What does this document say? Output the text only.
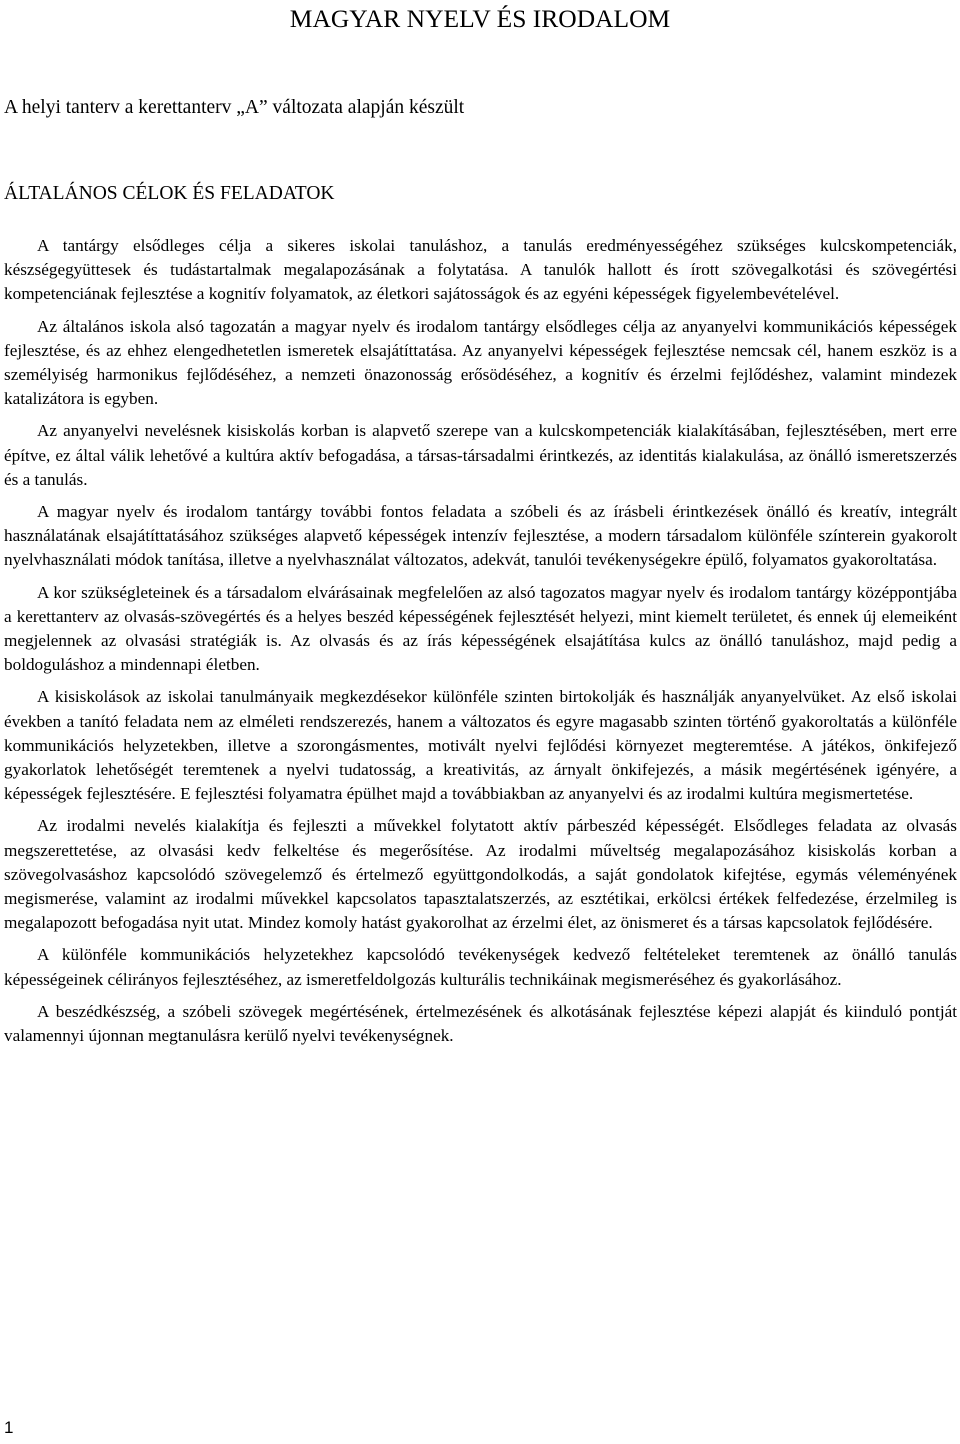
MAGYAR NYELV ÉS IRODALOM

A helyi tanterv a kerettanterv „A” változata alapján készült

ÁLTALÁNOS CÉLOK ÉS FELADATOK

A tantárgy elsődleges célja a sikeres iskolai tanuláshoz, a tanulás eredményességéhez szükséges kulcskompetenciák, készségegyüttesek és tudástartalmak megalapozásának a folytatása. A tanulók hallott és írott szövegalkotási és szövegértési kompetenciának fejlesztése a kognitív folyamatok, az életkori sajátosságok és az egyéni képességek figyelembevételével.

Az általános iskola alsó tagozatán a magyar nyelv és irodalom tantárgy elsődleges célja az anyanyelvi kommunikációs képességek fejlesztése, és az ehhez elengedhetetlen ismeretek elsajátíttatása. Az anyanyelvi képességek fejlesztése nemcsak cél, hanem eszköz is a személyiség harmonikus fejlődéséhez, a nemzeti önazonosság erősödéséhez, a kognitív és érzelmi fejlődéshez, valamint mindezek katalizátora is egyben.

Az anyanyelvi nevelésnek kisiskolás korban is alapvető szerepe van a kulcskompetenciák kialakításában, fejlesztésében, mert erre építve, ez által válik lehetővé a kultúra aktív befogadása, a társas-társadalmi érintkezés, az identitás kialakulása, az önálló ismeretszerzés és a tanulás.

A magyar nyelv és irodalom tantárgy további fontos feladata a szóbeli és az írásbeli érintkezések önálló és kreatív, integrált használatának elsajátíttatásához szükséges alapvető képességek intenzív fejlesztése, a modern társadalom különféle színterein gyakorolt nyelvhasználati módok tanítása, illetve a nyelvhasználat változatos, adekvát, tanulói tevékenységekre épülő, folyamatos gyakoroltatása.

A kor szükségleteinek és a társadalom elvárásainak megfelelően az alsó tagozatos magyar nyelv és irodalom tantárgy középpontjába a kerettanterv az olvasás-szövegértés és a helyes beszéd képességének fejlesztését helyezi, mint kiemelt területet, és ennek új elemeiként megjelennek az olvasási stratégiák is. Az olvasás és az írás képességének elsajátítása kulcs az önálló tanuláshoz, majd pedig a boldoguláshoz a mindennapi életben.

A kisiskolások az iskolai tanulmányaik megkezdésekor különféle szinten birtokolják és használják anyanyelvüket. Az első iskolai években a tanító feladata nem az elméleti rendszerezés, hanem a változatos és egyre magasabb szinten történő gyakoroltatás a különféle kommunikációs helyzetekben, illetve a szorongásmentes, motivált nyelvi fejlődési környezet megteremtése. A játékos, önkifejező gyakorlatok lehetőségét teremtenek a nyelvi tudatosság, a kreativitás, az árnyalt önkifejezés, a másik megértésének igényére, a képességek fejlesztésére. E fejlesztési folyamatra épülhet majd a továbbiakban az anyanyelvi és az irodalmi kultúra megismertetése.

Az irodalmi nevelés kialakítja és fejleszti a művekkel folytatott aktív párbeszéd képességét. Elsődleges feladata az olvasás megszerettetése, az olvasási kedv felkeltése és megerősítése. Az irodalmi műveltség megalapozásához kisiskolás korban a szövegolvasáshoz kapcsolódó szövegelemző és értelmező együttgondolkodás, a saját gondolatok kifejtése, egymás véleményének megismerése, valamint az irodalmi művekkel kapcsolatos tapasztalatszerzés, az esztétikai, erkölcsi értékek felfedezése, érzelmileg is megalapozott befogadása nyit utat. Mindez komoly hatást gyakorolhat az érzelmi élet, az önismeret és a társas kapcsolatok fejlődésére.

A különféle kommunikációs helyzetekhez kapcsolódó tevékenységek kedvező feltételeket teremtenek az önálló tanulás képességeinek célirányos fejlesztéséhez, az ismeretfeldolgozás kulturális technikáinak megismeréséhez és gyakorlásához.

A beszédkészség, a szóbeli szövegek megértésének, értelmezésének és alkotásának fejlesztése képezi alapját és kiinduló pontját valamennyi újonnan megtanulásra kerülő nyelvi tevékenységnek.

1
